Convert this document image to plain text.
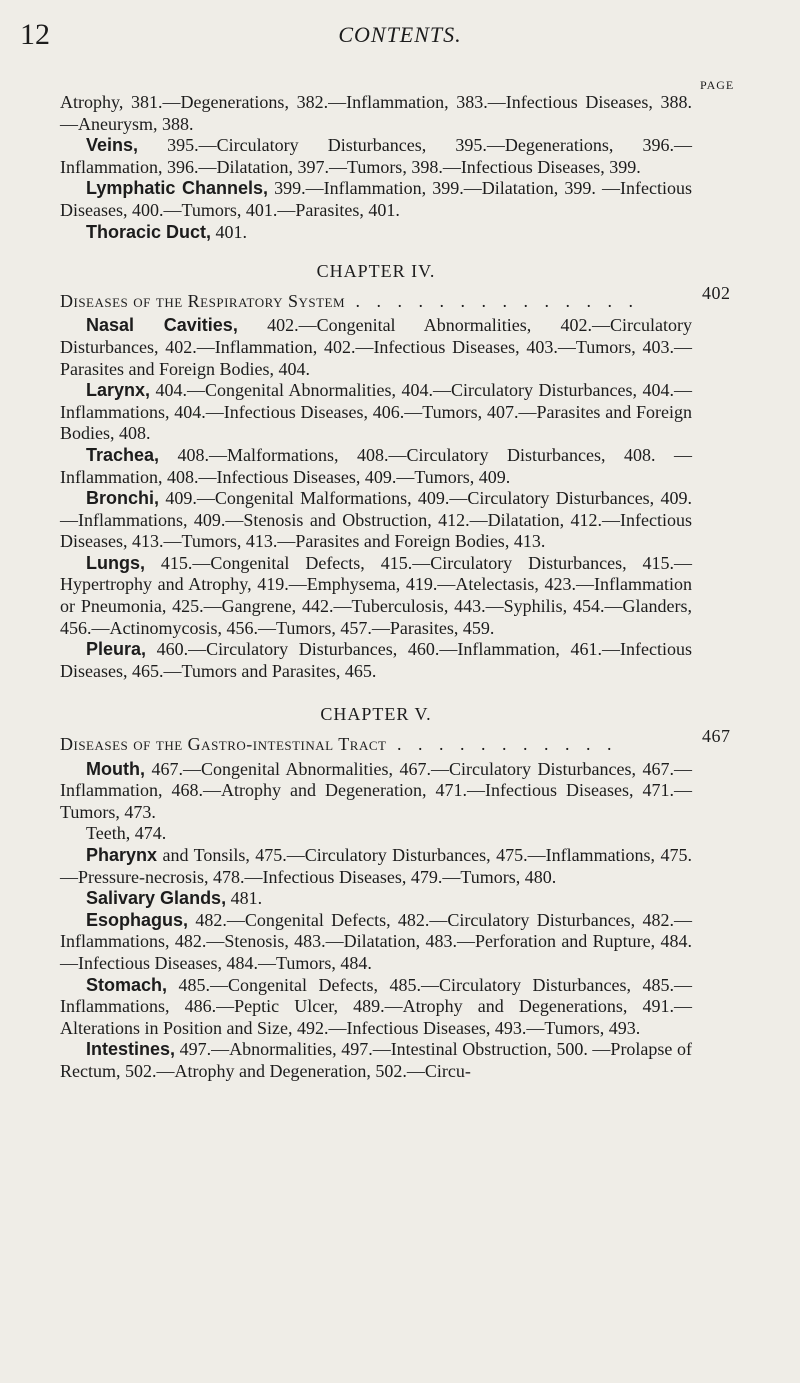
12	CONTENTS.
PAGE

Atrophy, 381.—Degenerations, 382.—Inflammation, 383.—Infectious Diseases, 388.—Aneurysm, 388.

Veins, 395.—Circulatory Disturbances, 395.—Degenerations, 396.—Inflammation, 396.—Dilatation, 397.—Tumors, 398.—Infectious Diseases, 399.

Lymphatic Channels, 399.—Inflammation, 399.—Dilatation, 399. —Infectious Diseases, 400.—Tumors, 401.—Parasites, 401.

Thoracic Duct, 401.

CHAPTER IV.
Diseases of the Respiratory System . . . . . . . . . . . . . .	402

Nasal Cavities, 402.—Congenital Abnormalities, 402.—Circulatory Disturbances, 402.—Inflammation, 402.—Infectious Diseases, 403.—Tumors, 403.—Parasites and Foreign Bodies, 404.

Larynx, 404.—Congenital Abnormalities, 404.—Circulatory Disturbances, 404.—Inflammations, 404.—Infectious Diseases, 406.—Tumors, 407.—Parasites and Foreign Bodies, 408.

Trachea, 408.—Malformations, 408.—Circulatory Disturbances, 408. —Inflammation, 408.—Infectious Diseases, 409.—Tumors, 409.

Bronchi, 409.—Congenital Malformations, 409.—Circulatory Disturbances, 409.—Inflammations, 409.—Stenosis and Obstruction, 412.—Dilatation, 412.—Infectious Diseases, 413.—Tumors, 413.—Parasites and Foreign Bodies, 413.

Lungs, 415.—Congenital Defects, 415.—Circulatory Disturbances, 415.—Hypertrophy and Atrophy, 419.—Emphysema, 419.—Atelectasis, 423.—Inflammation or Pneumonia, 425.—Gangrene, 442.—Tuberculosis, 443.—Syphilis, 454.—Glanders, 456.—Actinomycosis, 456.—Tumors, 457.—Parasites, 459.

Pleura, 460.—Circulatory Disturbances, 460.—Inflammation, 461.—Infectious Diseases, 465.—Tumors and Parasites, 465.

CHAPTER V.
Diseases of the Gastro-intestinal Tract . . . . . . . . . . .	467

Mouth, 467.—Congenital Abnormalities, 467.—Circulatory Disturbances, 467.—Inflammation, 468.—Atrophy and Degeneration, 471.—Infectious Diseases, 471.—Tumors, 473.

Teeth, 474.

Pharynx and Tonsils, 475.—Circulatory Disturbances, 475.—Inflammations, 475.—Pressure-necrosis, 478.—Infectious Diseases, 479.—Tumors, 480.

Salivary Glands, 481.

Esophagus, 482.—Congenital Defects, 482.—Circulatory Disturbances, 482.—Inflammations, 482.—Stenosis, 483.—Dilatation, 483.—Perforation and Rupture, 484.—Infectious Diseases, 484.—Tumors, 484.

Stomach, 485.—Congenital Defects, 485.—Circulatory Disturbances, 485.—Inflammations, 486.—Peptic Ulcer, 489.—Atrophy and Degenerations, 491.—Alterations in Position and Size, 492.—Infectious Diseases, 493.—Tumors, 493.

Intestines, 497.—Abnormalities, 497.—Intestinal Obstruction, 500. —Prolapse of Rectum, 502.—Atrophy and Degeneration, 502.—Circu-
